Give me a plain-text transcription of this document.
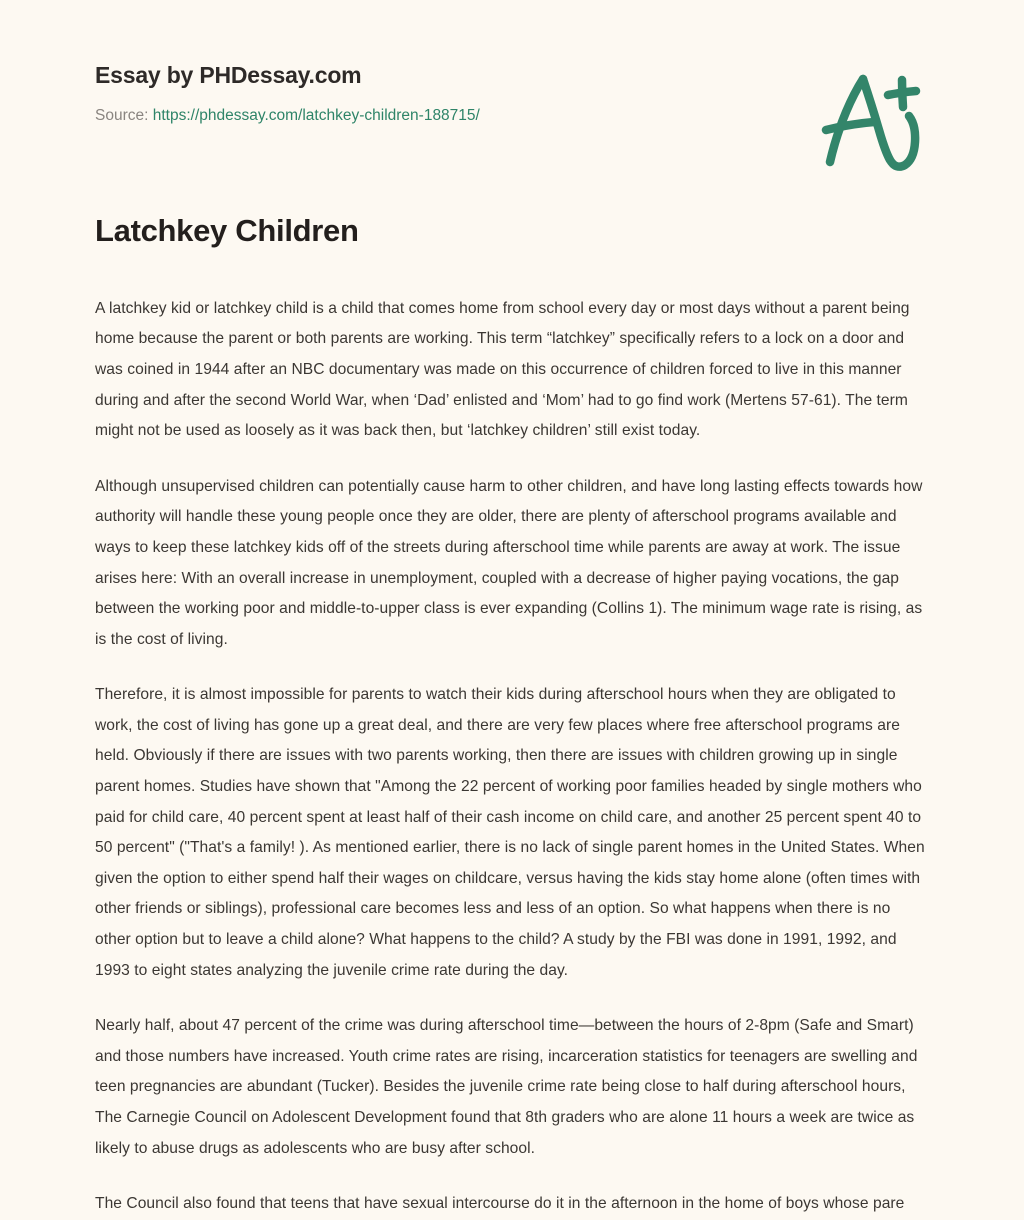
Essay by PHDessay.com
Source: https://phdessay.com/latchkey-children-188715/
Latchkey Children

A latchkey kid or latchkey child is a child that comes home from school every day or most days without a parent being home because the parent or both parents are working. This term “latchkey” specifically refers to a lock on a door and was coined in 1944 after an NBC documentary was made on this occurrence of children forced to live in this manner during and after the second World War, when ‘Dad’ enlisted and ‘Mom’ had to go find work (Mertens 57-61). The term might not be used as loosely as it was back then, but ‘latchkey children’ still exist today.

Although unsupervised children can potentially cause harm to other children, and have long lasting effects towards how authority will handle these young people once they are older, there are plenty of afterschool programs available and ways to keep these latchkey kids off of the streets during afterschool time while parents are away at work. The issue arises here: With an overall increase in unemployment, coupled with a decrease of higher paying vocations, the gap between the working poor and middle-to-upper class is ever expanding (Collins 1). The minimum wage rate is rising, as is the cost of living.

Therefore, it is almost impossible for parents to watch their kids during afterschool hours when they are obligated to work, the cost of living has gone up a great deal, and there are very few places where free afterschool programs are held. Obviously if there are issues with two parents working, then there are issues with children growing up in single parent homes. Studies have shown that "Among the 22 percent of working poor families headed by single mothers who paid for child care, 40 percent spent at least half of their cash income on child care, and another 25 percent spent 40 to 50 percent" ("That's a family! ). As mentioned earlier, there is no lack of single parent homes in the United States. When given the option to either spend half their wages on childcare, versus having the kids stay home alone (often times with other friends or siblings), professional care becomes less and less of an option. So what happens when there is no other option but to leave a child alone? What happens to the child? A study by the FBI was done in 1991, 1992, and 1993 to eight states analyzing the juvenile crime rate during the day.

Nearly half, about 47 percent of the crime was during afterschool time—between the hours of 2-8pm (Safe and Smart) and those numbers have increased. Youth crime rates are rising, incarceration statistics for teenagers are swelling and teen pregnancies are abundant (Tucker). Besides the juvenile crime rate being close to half during afterschool hours, The Carnegie Council on Adolescent Development found that 8th graders who are alone 11 hours a week are twice as likely to abuse drugs as adolescents who are busy after school.

The Council also found that teens that have sexual intercourse do it in the afternoon in the home of boys whose pare
